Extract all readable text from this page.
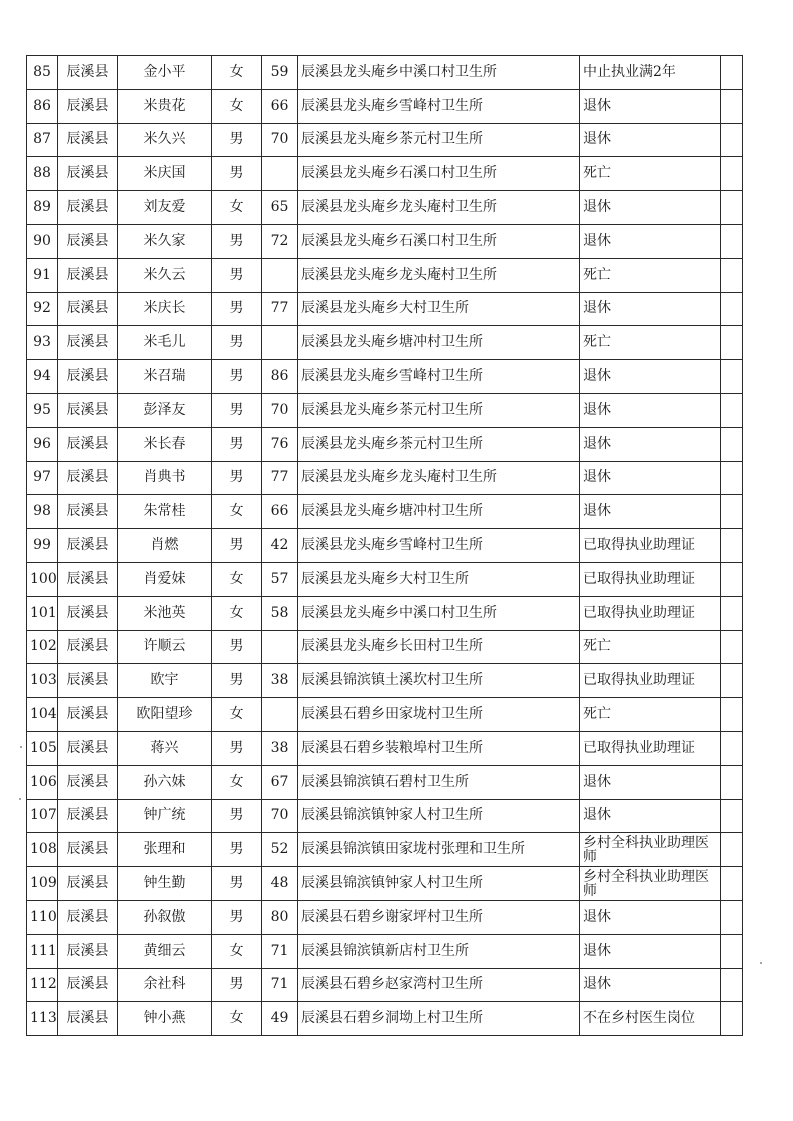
85	辰溪县	金小平	女	59	辰溪县龙头庵乡中溪口村卫生所	中止执业满2年	
86	辰溪县	米贵花	女	66	辰溪县龙头庵乡雪峰村卫生所	退休	
87	辰溪县	米久兴	男	70	辰溪县龙头庵乡茶元村卫生所	退休	
88	辰溪县	米庆国	男		辰溪县龙头庵乡石溪口村卫生所	死亡	
89	辰溪县	刘友爱	女	65	辰溪县龙头庵乡龙头庵村卫生所	退休	
90	辰溪县	米久家	男	72	辰溪县龙头庵乡石溪口村卫生所	退休	
91	辰溪县	米久云	男		辰溪县龙头庵乡龙头庵村卫生所	死亡	
92	辰溪县	米庆长	男	77	辰溪县龙头庵乡大村卫生所	退休	
93	辰溪县	米毛儿	男		辰溪县龙头庵乡塘冲村卫生所	死亡	
94	辰溪县	米召瑞	男	86	辰溪县龙头庵乡雪峰村卫生所	退休	
95	辰溪县	彭泽友	男	70	辰溪县龙头庵乡茶元村卫生所	退休	
96	辰溪县	米长春	男	76	辰溪县龙头庵乡茶元村卫生所	退休	
97	辰溪县	肖典书	男	77	辰溪县龙头庵乡龙头庵村卫生所	退休	
98	辰溪县	朱常桂	女	66	辰溪县龙头庵乡塘冲村卫生所	退休	
99	辰溪县	肖燃	男	42	辰溪县龙头庵乡雪峰村卫生所	已取得执业助理证	
100	辰溪县	肖爱妹	女	57	辰溪县龙头庵乡大村卫生所	已取得执业助理证	
101	辰溪县	米池英	女	58	辰溪县龙头庵乡中溪口村卫生所	已取得执业助理证	
102	辰溪县	许顺云	男		辰溪县龙头庵乡长田村卫生所	死亡	
103	辰溪县	欧宇	男	38	辰溪县锦滨镇土溪坎村卫生所	已取得执业助理证	
104	辰溪县	欧阳望珍	女		辰溪县石碧乡田家垅村卫生所	死亡	
105	辰溪县	蒋兴	男	38	辰溪县石碧乡装粮埠村卫生所	已取得执业助理证	
106	辰溪县	孙六妹	女	67	辰溪县锦滨镇石碧村卫生所	退休	
107	辰溪县	钟广统	男	70	辰溪县锦滨镇钟家人村卫生所	退休	
108	辰溪县	张理和	男	52	辰溪县锦滨镇田家垅村张理和卫生所	乡村全科执业助理医师	
109	辰溪县	钟生勤	男	48	辰溪县锦滨镇钟家人村卫生所	乡村全科执业助理医师	
110	辰溪县	孙叙傲	男	80	辰溪县石碧乡谢家坪村卫生所	退休	
111	辰溪县	黄细云	女	71	辰溪县锦滨镇新店村卫生所	退休	
112	辰溪县	余社科	男	71	辰溪县石碧乡赵家湾村卫生所	退休	
113	辰溪县	钟小燕	女	49	辰溪县石碧乡洞坳上村卫生所	不在乡村医生岗位	
